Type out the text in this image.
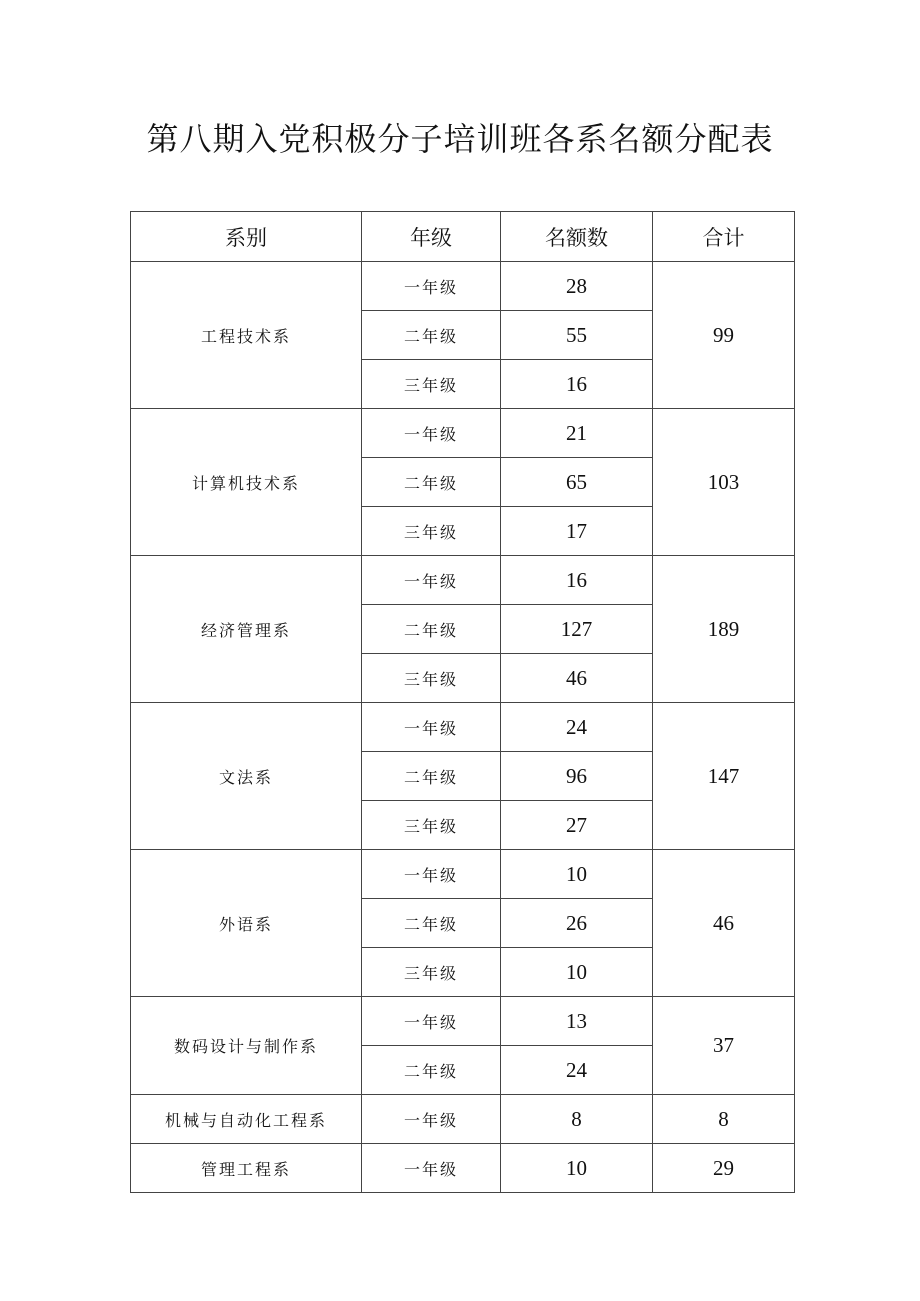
第八期入党积极分子培训班各系名额分配表
系别	年级	名额数	合计
工程技术系	一年级	28	99
	二年级	55	
	三年级	16	
计算机技术系	一年级	21	103
	二年级	65	
	三年级	17	
经济管理系	一年级	16	189
	二年级	127	
	三年级	46	
文法系	一年级	24	147
	二年级	96	
	三年级	27	
外语系	一年级	10	46
	二年级	26	
	三年级	10	
数码设计与制作系	一年级	13	37
	二年级	24	
机械与自动化工程系	一年级	8	8
管理工程系	一年级	10	29
